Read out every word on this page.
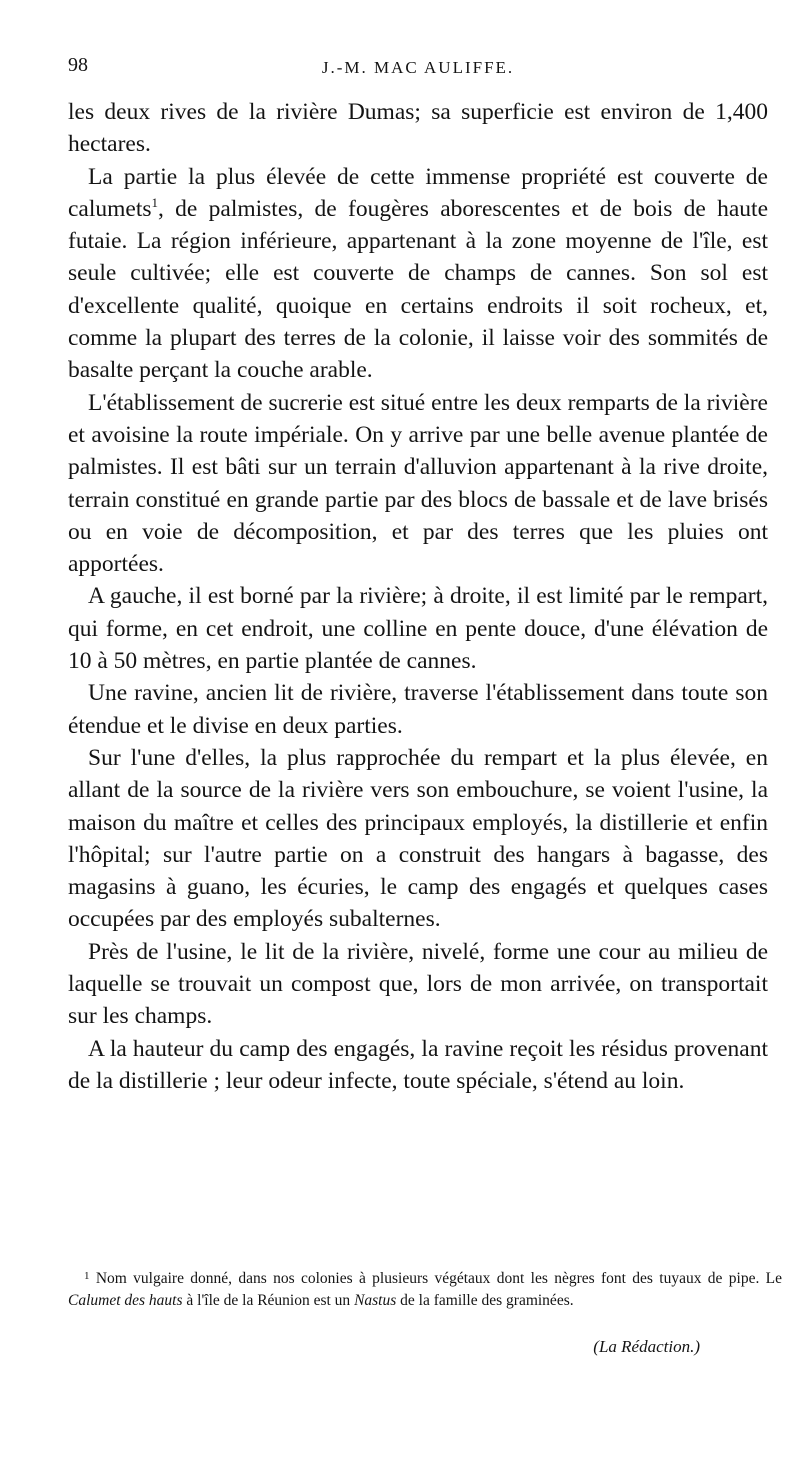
98	J.-M. MAC AULIFFE.

les deux rives de la rivière Dumas; sa superficie est environ de 1,400 hectares.

La partie la plus élevée de cette immense propriété est couverte de calumets$^1$, de palmistes, de fougères aborescentes et de bois de haute futaie. La région inférieure, appartenant à la zone moyenne de l'île, est seule cultivée; elle est couverte de champs de cannes. Son sol est d'excellente qualité, quoique en certains endroits il soit rocheux, et, comme la plupart des terres de la colonie, il laisse voir des sommités de basalte perçant la couche arable.

L'établissement de sucrerie est situé entre les deux remparts de la rivière et avoisine la route impériale. On y arrive par une belle avenue plantée de palmistes. Il est bâti sur un terrain d'alluvion appartenant à la rive droite, terrain constitué en grande partie par des blocs de bassale et de lave brisés ou en voie de décomposition, et par des terres que les pluies ont apportées.

A gauche, il est borné par la rivière; à droite, il est limité par le rempart, qui forme, en cet endroit, une colline en pente douce, d'une élévation de 10 à 50 mètres, en partie plantée de cannes.

Une ravine, ancien lit de rivière, traverse l'établissement dans toute son étendue et le divise en deux parties.

Sur l'une d'elles, la plus rapprochée du rempart et la plus élevée, en allant de la source de la rivière vers son embouchure, se voient l'usine, la maison du maître et celles des principaux employés, la distillerie et enfin l'hôpital; sur l'autre partie on a construit des hangars à bagasse, des magasins à guano, les écuries, le camp des engagés et quelques cases occupées par des employés subalternes.

Près de l'usine, le lit de la rivière, nivelé, forme une cour au milieu de laquelle se trouvait un compost que, lors de mon arrivée, on transportait sur les champs.

A la hauteur du camp des engagés, la ravine reçoit les résidus provenant de la distillerie ; leur odeur infecte, toute spéciale, s'étend au loin.

$^1$ Nom vulgaire donné, dans nos colonies à plusieurs végétaux dont les nègres font des tuyaux de pipe. Le Calumet des hauts à l'île de la Réunion est un Nastus de la famille des graminées.

(La Rédaction.)
